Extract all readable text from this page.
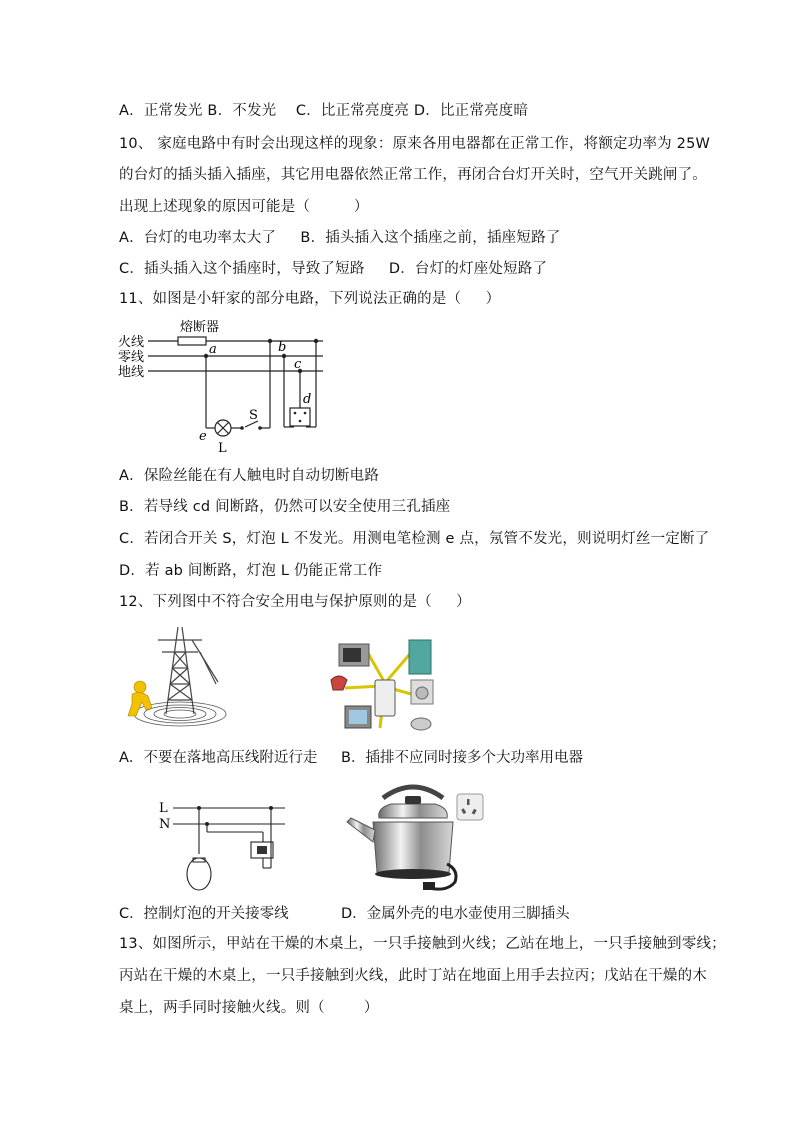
A．正常发光 B．不发光 　C．比正常亮度亮 D．比正常亮度暗
10、 家庭电路中有时会出现这样的现象：原来各用电器都在正常工作，将额定功率为 25W
的台灯的插头插入插座，其它用电器依然正常工作，再闭合台灯开关时，空气开关跳闸了。
出现上述现象的原因可能是（ 　 　 ）
A．台灯的电功率太大了 　 B．插头插入这个插座之前，插座短路了
C．插头插入这个插座时，导致了短路 　 D．台灯的灯座处短路了
11、如图是小轩家的部分电路，下列说法正确的是（ 　 ）
熔断器
火线
零线
地线
a	b
c
d
e
S
L
A．保险丝能在有人触电时自动切断电路
B．若导线 cd 间断路，仍然可以安全使用三孔插座
C．若闭合开关 S，灯泡 L 不发光。用测电笔检测 e 点，氖管不发光，则说明灯丝一定断了
D．若 ab 间断路，灯泡 L 仍能正常工作
12、下列图中不符合安全用电与保护原则的是（ 　 ）
A．不要在落地高压线附近行走 B．插排不应同时接多个大功率用电器
L
N
C．控制灯泡的开关接零线	D．金属外壳的电水壶使用三脚插头
13、如图所示，甲站在干燥的木桌上，一只手接触到火线；乙站在地上，一只手接触到零线；
丙站在干燥的木桌上，一只手接触到火线，此时丁站在地面上用手去拉丙；戊站在干燥的木
桌上，两手同时接触火线。则（ 　 　）
